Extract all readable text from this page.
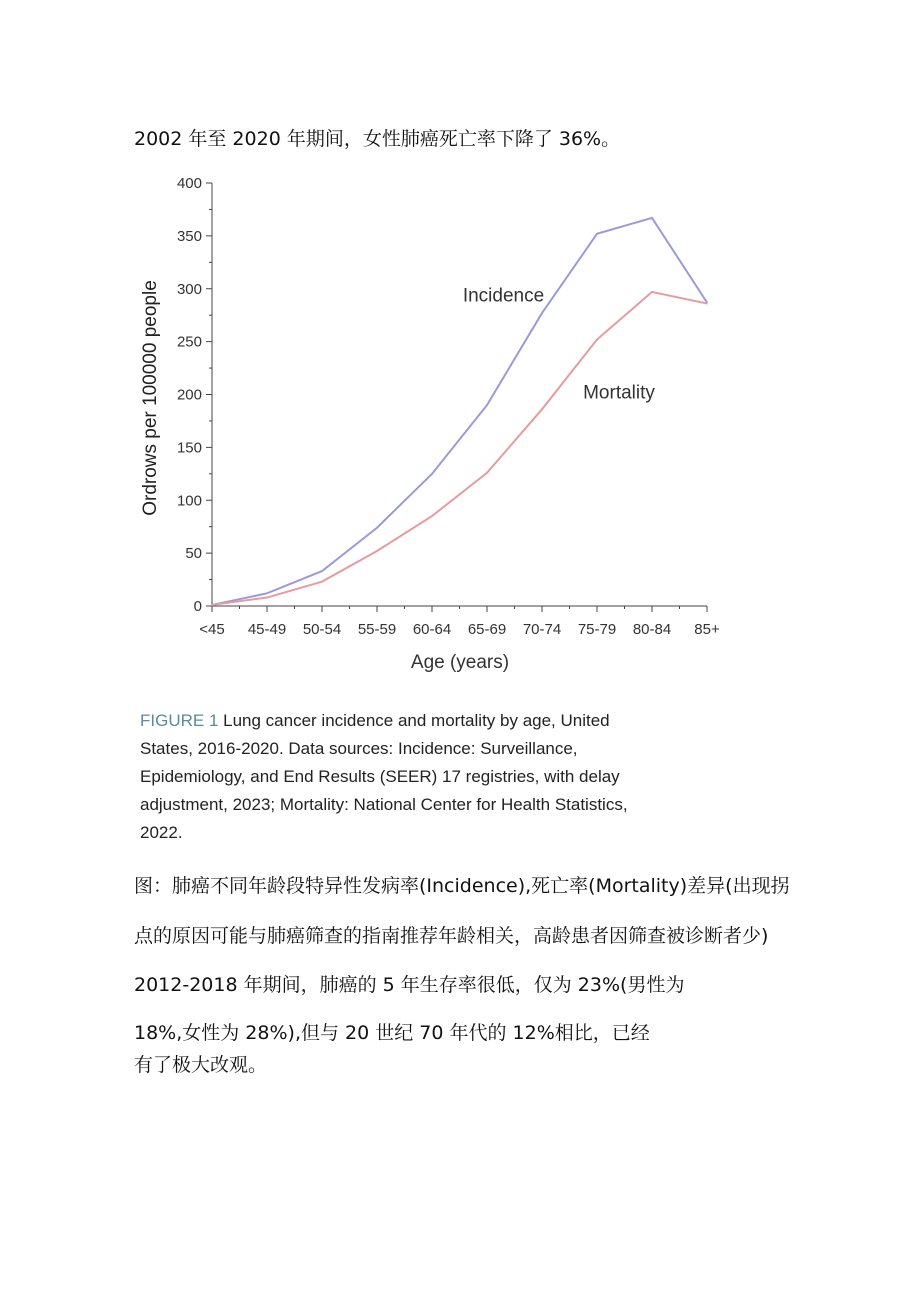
2002 年至 2020 年期间，女性肺癌死亡率下降了 36%。
0
50
100
150
200
250
300
350
400
<45 45-49 50-54 55-59 60-64 65-69 70-74 75-79 80-84 85+
Incidence
Mortality
Age (years)
Ordrows per 100000 people
FIGURE 1 Lung cancer incidence and mortality by age, United
States, 2016-2020. Data sources: Incidence: Surveillance,
Epidemiology, and End Results (SEER) 17 registries, with delay
adjustment, 2023; Mortality: National Center for Health Statistics,
2022.
图：肺癌不同年龄段特异性发病率(Incidence),死亡率(Mortality)差异(出现拐
点的原因可能与肺癌筛查的指南推荐年龄相关，高龄患者因筛查被诊断者少)
2012-2018 年期间，肺癌的 5 年生存率很低，仅为 23%(男性为
18%,女性为 28%),但与 20 世纪 70 年代的 12%相比，已经
有了极大改观。
